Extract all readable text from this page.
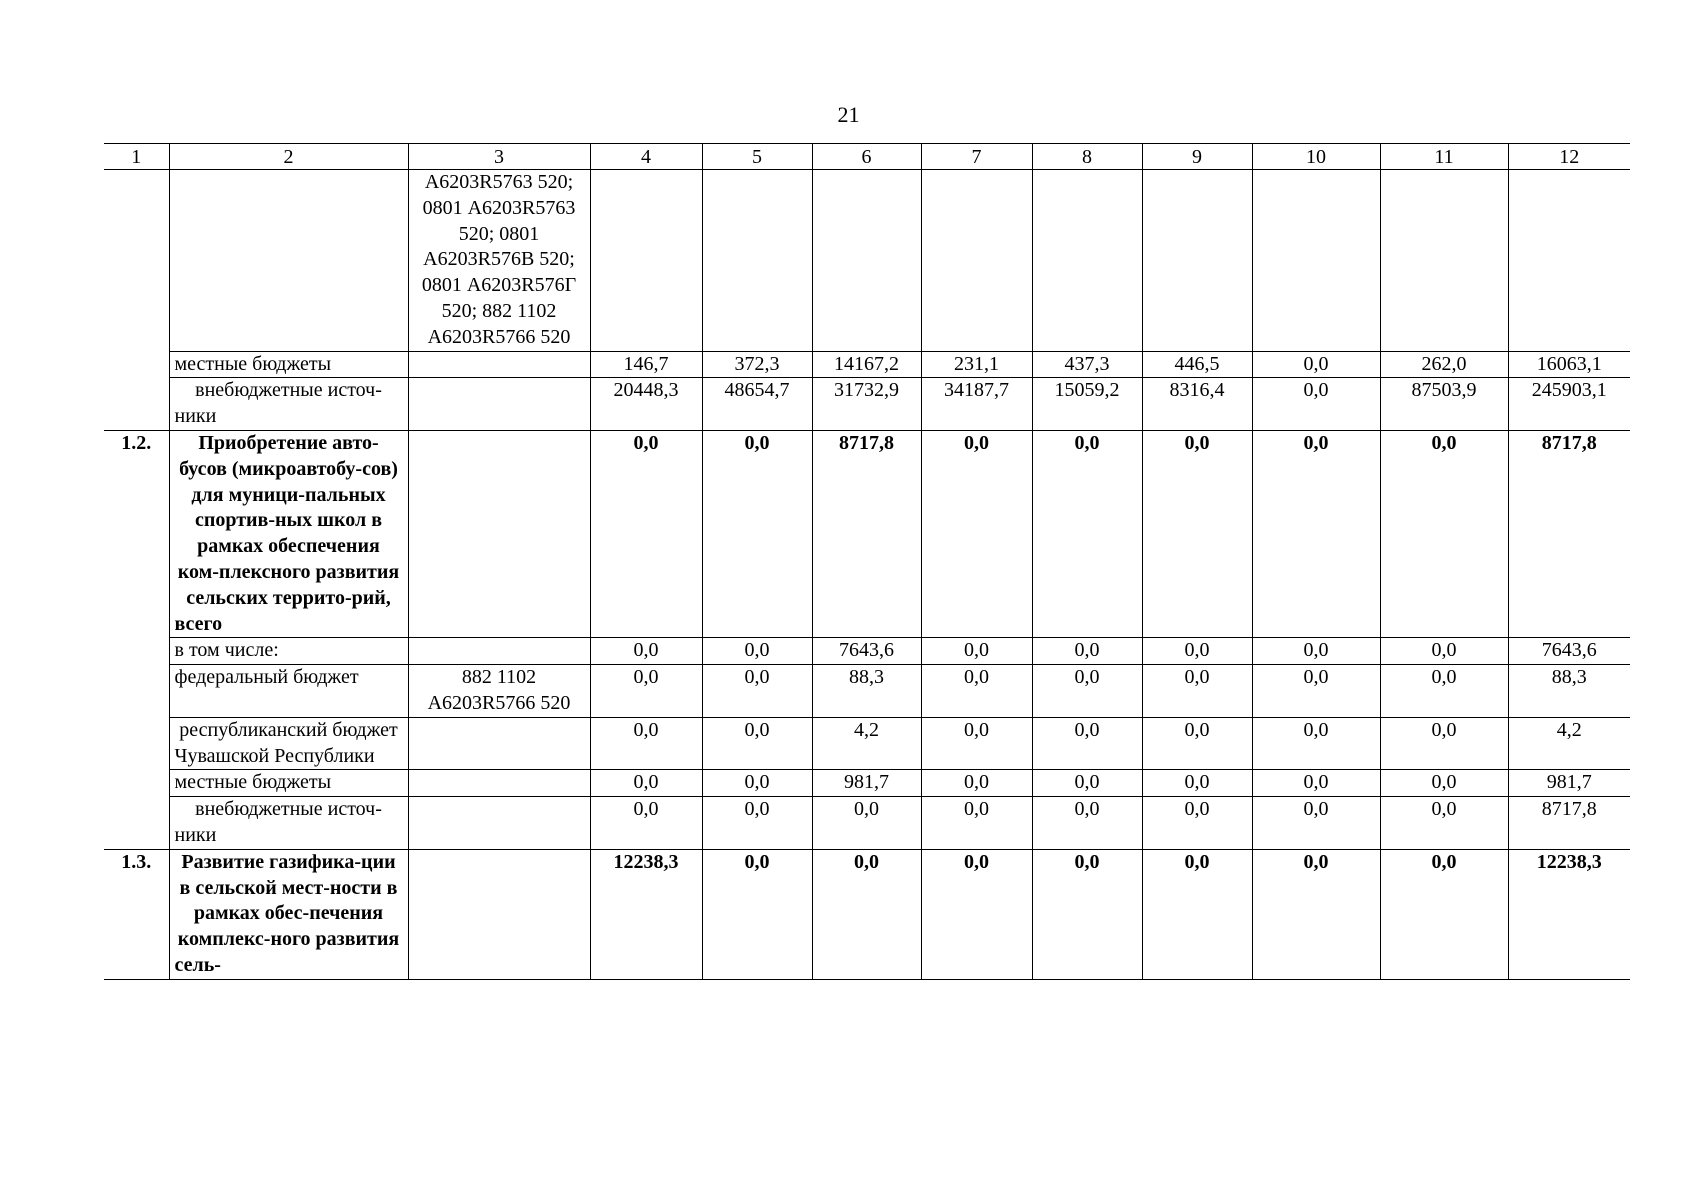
21
1	2	3	4	5	6	7	8	9	10	11	12
		А6203R5763 520; 0801 А6203R5763 520; 0801 А6203R576В 520; 0801 А6203R576Г 520; 882 1102 А6203R5766 520									
	местные бюджеты		146,7	372,3	14167,2	231,1	437,3	446,5	0,0	262,0	16063,1
	внебюджетные источ-ники		20448,3	48654,7	31732,9	34187,7	15059,2	8316,4	0,0	87503,9	245903,1
1.2.	Приобретение авто-бусов (микроавтобу-сов) для муници-пальных спортив-ных школ в рамках обеспечения ком-плексного развития сельских террито-рий, всего		0,0	0,0	8717,8	0,0	0,0	0,0	0,0	0,0	8717,8
	в том числе:		0,0	0,0	7643,6	0,0	0,0	0,0	0,0	0,0	7643,6
	федеральный бюджет	882 1102 А6203R5766 520	0,0	0,0	88,3	0,0	0,0	0,0	0,0	0,0	88,3
	республиканский бюджет Чувашской Республики		0,0	0,0	4,2	0,0	0,0	0,0	0,0	0,0	4,2
	местные бюджеты		0,0	0,0	981,7	0,0	0,0	0,0	0,0	0,0	981,7
	внебюджетные источ-ники		0,0	0,0	0,0	0,0	0,0	0,0	0,0	0,0	8717,8
1.3.	Развитие газифика-ции в сельской мест-ности в рамках обес-печения комплекс-ного развития сель-		12238,3	0,0	0,0	0,0	0,0	0,0	0,0	0,0	12238,3
